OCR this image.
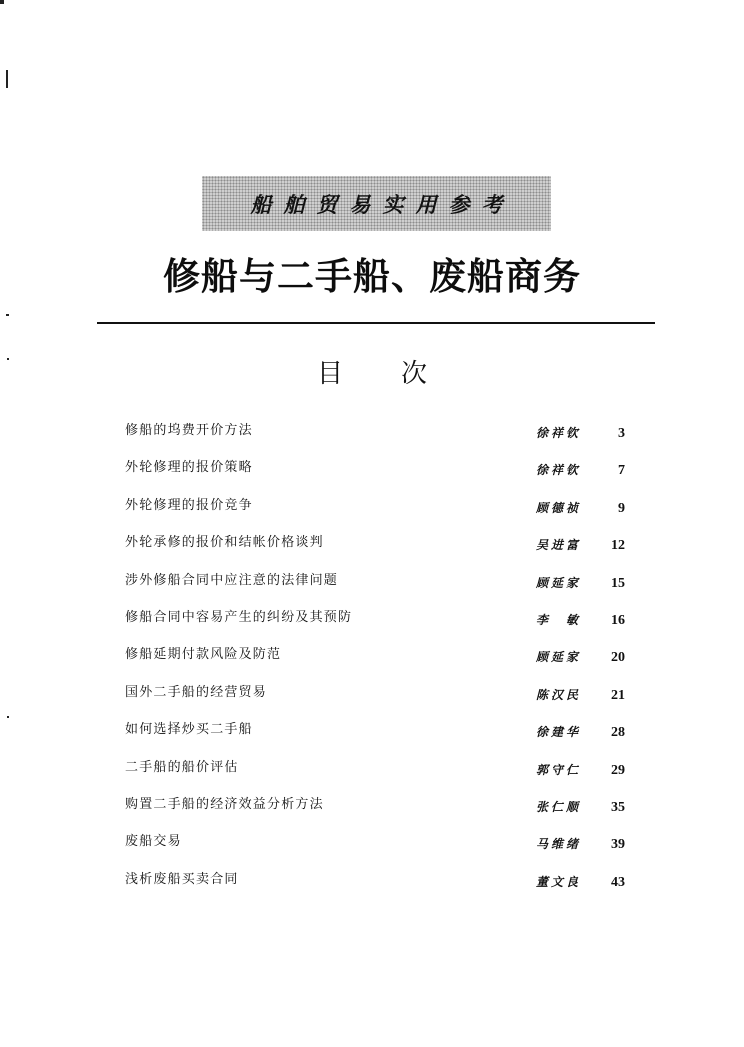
船舶贸易实用参考
修船与二手船、废船商务
目次
修船的坞费开价方法	徐祥钦	3
外轮修理的报价策略	徐祥钦	7
外轮修理的报价竞争	顾德祯	9
外轮承修的报价和结帐价格谈判	吴进富 12
涉外修船合同中应注意的法律问题	顾延家 15
修船合同中容易产生的纠纷及其预防	李　敏 16
修船延期付款风险及防范	顾延家 20
国外二手船的经营贸易	陈汉民 21
如何选择炒买二手船	徐建华 28
二手船的船价评估	郭守仁 29
购置二手船的经济效益分析方法	张仁顺 35
废船交易	马维绪 39
浅析废船买卖合同	董文良 43
